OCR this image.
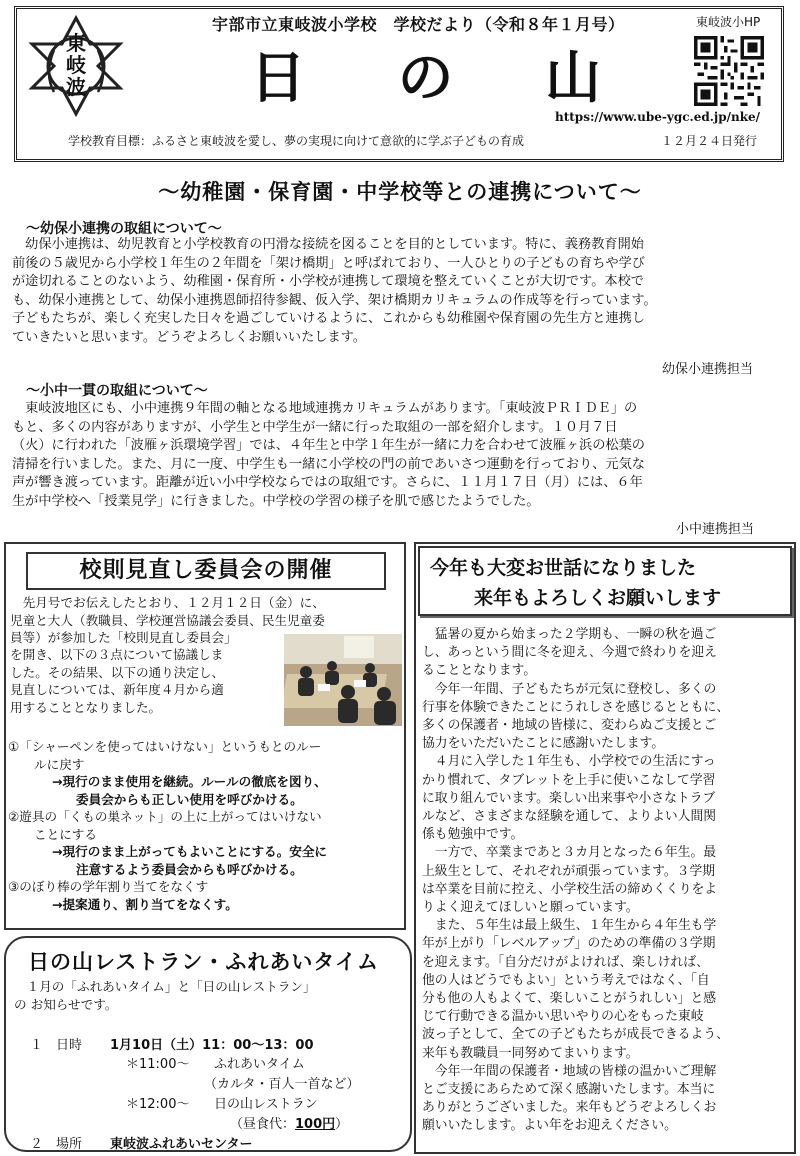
東岐波
宇部市立東岐波小学校　学校だより（令和８年１月号）
日 の 山
東岐波小HP
https://www.ube-ygc.ed.jp/nke/
学校教育目標：ふるさと東岐波を愛し、夢の実現に向けて意欲的に学ぶ子どもの育成	１２月２４日発行
～幼稚園・保育園・中学校等との連携について～
～幼保小連携の取組について～
　幼保小連携は、幼児教育と小学校教育の円滑な接続を図ることを目的としています。特に、義務教育開始
前後の５歳児から小学校１年生の２年間を「架け橋期」と呼ばれており、一人ひとりの子どもの育ちや学び
が途切れることのないよう、幼稚園・保育所・小学校が連携して環境を整えていくことが大切です。本校で
も、幼保小連携として、幼保小連携恩師招待参観、仮入学、架け橋期カリキュラムの作成等を行っています。
子どもたちが、楽しく充実した日々を過ごしていけるように、これからも幼稚園や保育園の先生方と連携し
ていきたいと思います。どうぞよろしくお願いいたします。
幼保小連携担当
～小中一貫の取組について～
　東岐波地区にも、小中連携９年間の軸となる地域連携カリキュラムがあります。「東岐波ＰＲＩＤＥ」の
もと、多くの内容がありますが、小学生と中学生が一緒に行った取組の一部を紹介します。１０月７日
（火）に行われた「波雁ヶ浜環境学習」では、４年生と中学１年生が一緒に力を合わせて波雁ヶ浜の松葉の
清掃を行いました。また、月に一度、中学生も一緒に小学校の門の前であいさつ運動を行っており、元気な
声が響き渡っています。距離が近い小中学校ならではの取組です。さらに、１１月１７日（月）には、６年
生が中学校へ「授業見学」に行きました。中学校の学習の様子を肌で感じたようでした。
小中連携担当
校則見直し委員会の開催
　先月号でお伝えしたとおり、１２月１２日（金）に、
児童と大人（教職員、学校運営協議会委員、民生児童委
員等）が参加した「校則見直し委員会」
を開き、以下の３点について協議しま
した。その結果、以下の通り決定し、
見直しについては、新年度４月から適
用することとなりました。
①「シャーペンを使ってはいけない」というもとのルー
ルに戻す
→現行のまま使用を継続。ルールの徹底を図り、
委員会からも正しい使用を呼びかける。
②遊具の「くもの巣ネット」の上に上がってはいけない
ことにする
→現行のまま上がってもよいことにする。安全に
注意するよう委員会からも呼びかける。
③のぼり棒の学年割り当てをなくす
→提案通り、割り当てをなくす。
日の山レストラン・ふれあいタイム
　１月の「ふれあいタイム」と「日の山レストラン」
の お知らせです。
１　日時 1月10日（土）11：00～13：00
＊11:00～ ふれあいタイム
（カルタ・百人一首など）
＊12:00～ 日の山レストラン
（昼食代：100円）
２　場所 東岐波ふれあいセンター
今年も大変お世話になりました
来年もよろしくお願いします
　猛暑の夏から始まった２学期も、一瞬の秋を過ご
し、あっという間に冬を迎え、今週で終わりを迎え
ることとなります。
　今年一年間、子どもたちが元気に登校し、多くの
行事を体験できたことにうれしさを感じるとともに、
多くの保護者・地域の皆様に、変わらぬご支援とご
協力をいただいたことに感謝いたします。
　４月に入学した１年生も、小学校での生活にすっ
かり慣れて、タブレットを上手に使いこなして学習
に取り組んでいます。楽しい出来事や小さなトラブ
ルなど、さまざまな経験を通して、よりよい人間関
係も勉強中です。
　一方で、卒業まであと３カ月となった６年生。最
上級生として、それぞれが頑張っています。３学期
は卒業を目前に控え、小学校生活の締めくくりをよ
りよく迎えてほしいと願っています。
　また、５年生は最上級生、１年生から４年生も学
年が上がり「レベルアップ」のための準備の３学期
を迎えます。「自分だけがよければ、楽しければ、
他の人はどうでもよい」という考えではなく、「自
分も他の人もよくて、楽しいことがうれしい」と感
じて行動できる温かい思いやりの心をもった東岐
波っ子として、全ての子どもたちが成長できるよう、
来年も教職員一同努めてまいります。
　今年一年間の保護者・地域の皆様の温かいご理解
とご支援にあらためて深く感謝いたします。本当に
ありがとうございました。来年もどうぞよろしくお
願いいたします。よい年をお迎えください。
